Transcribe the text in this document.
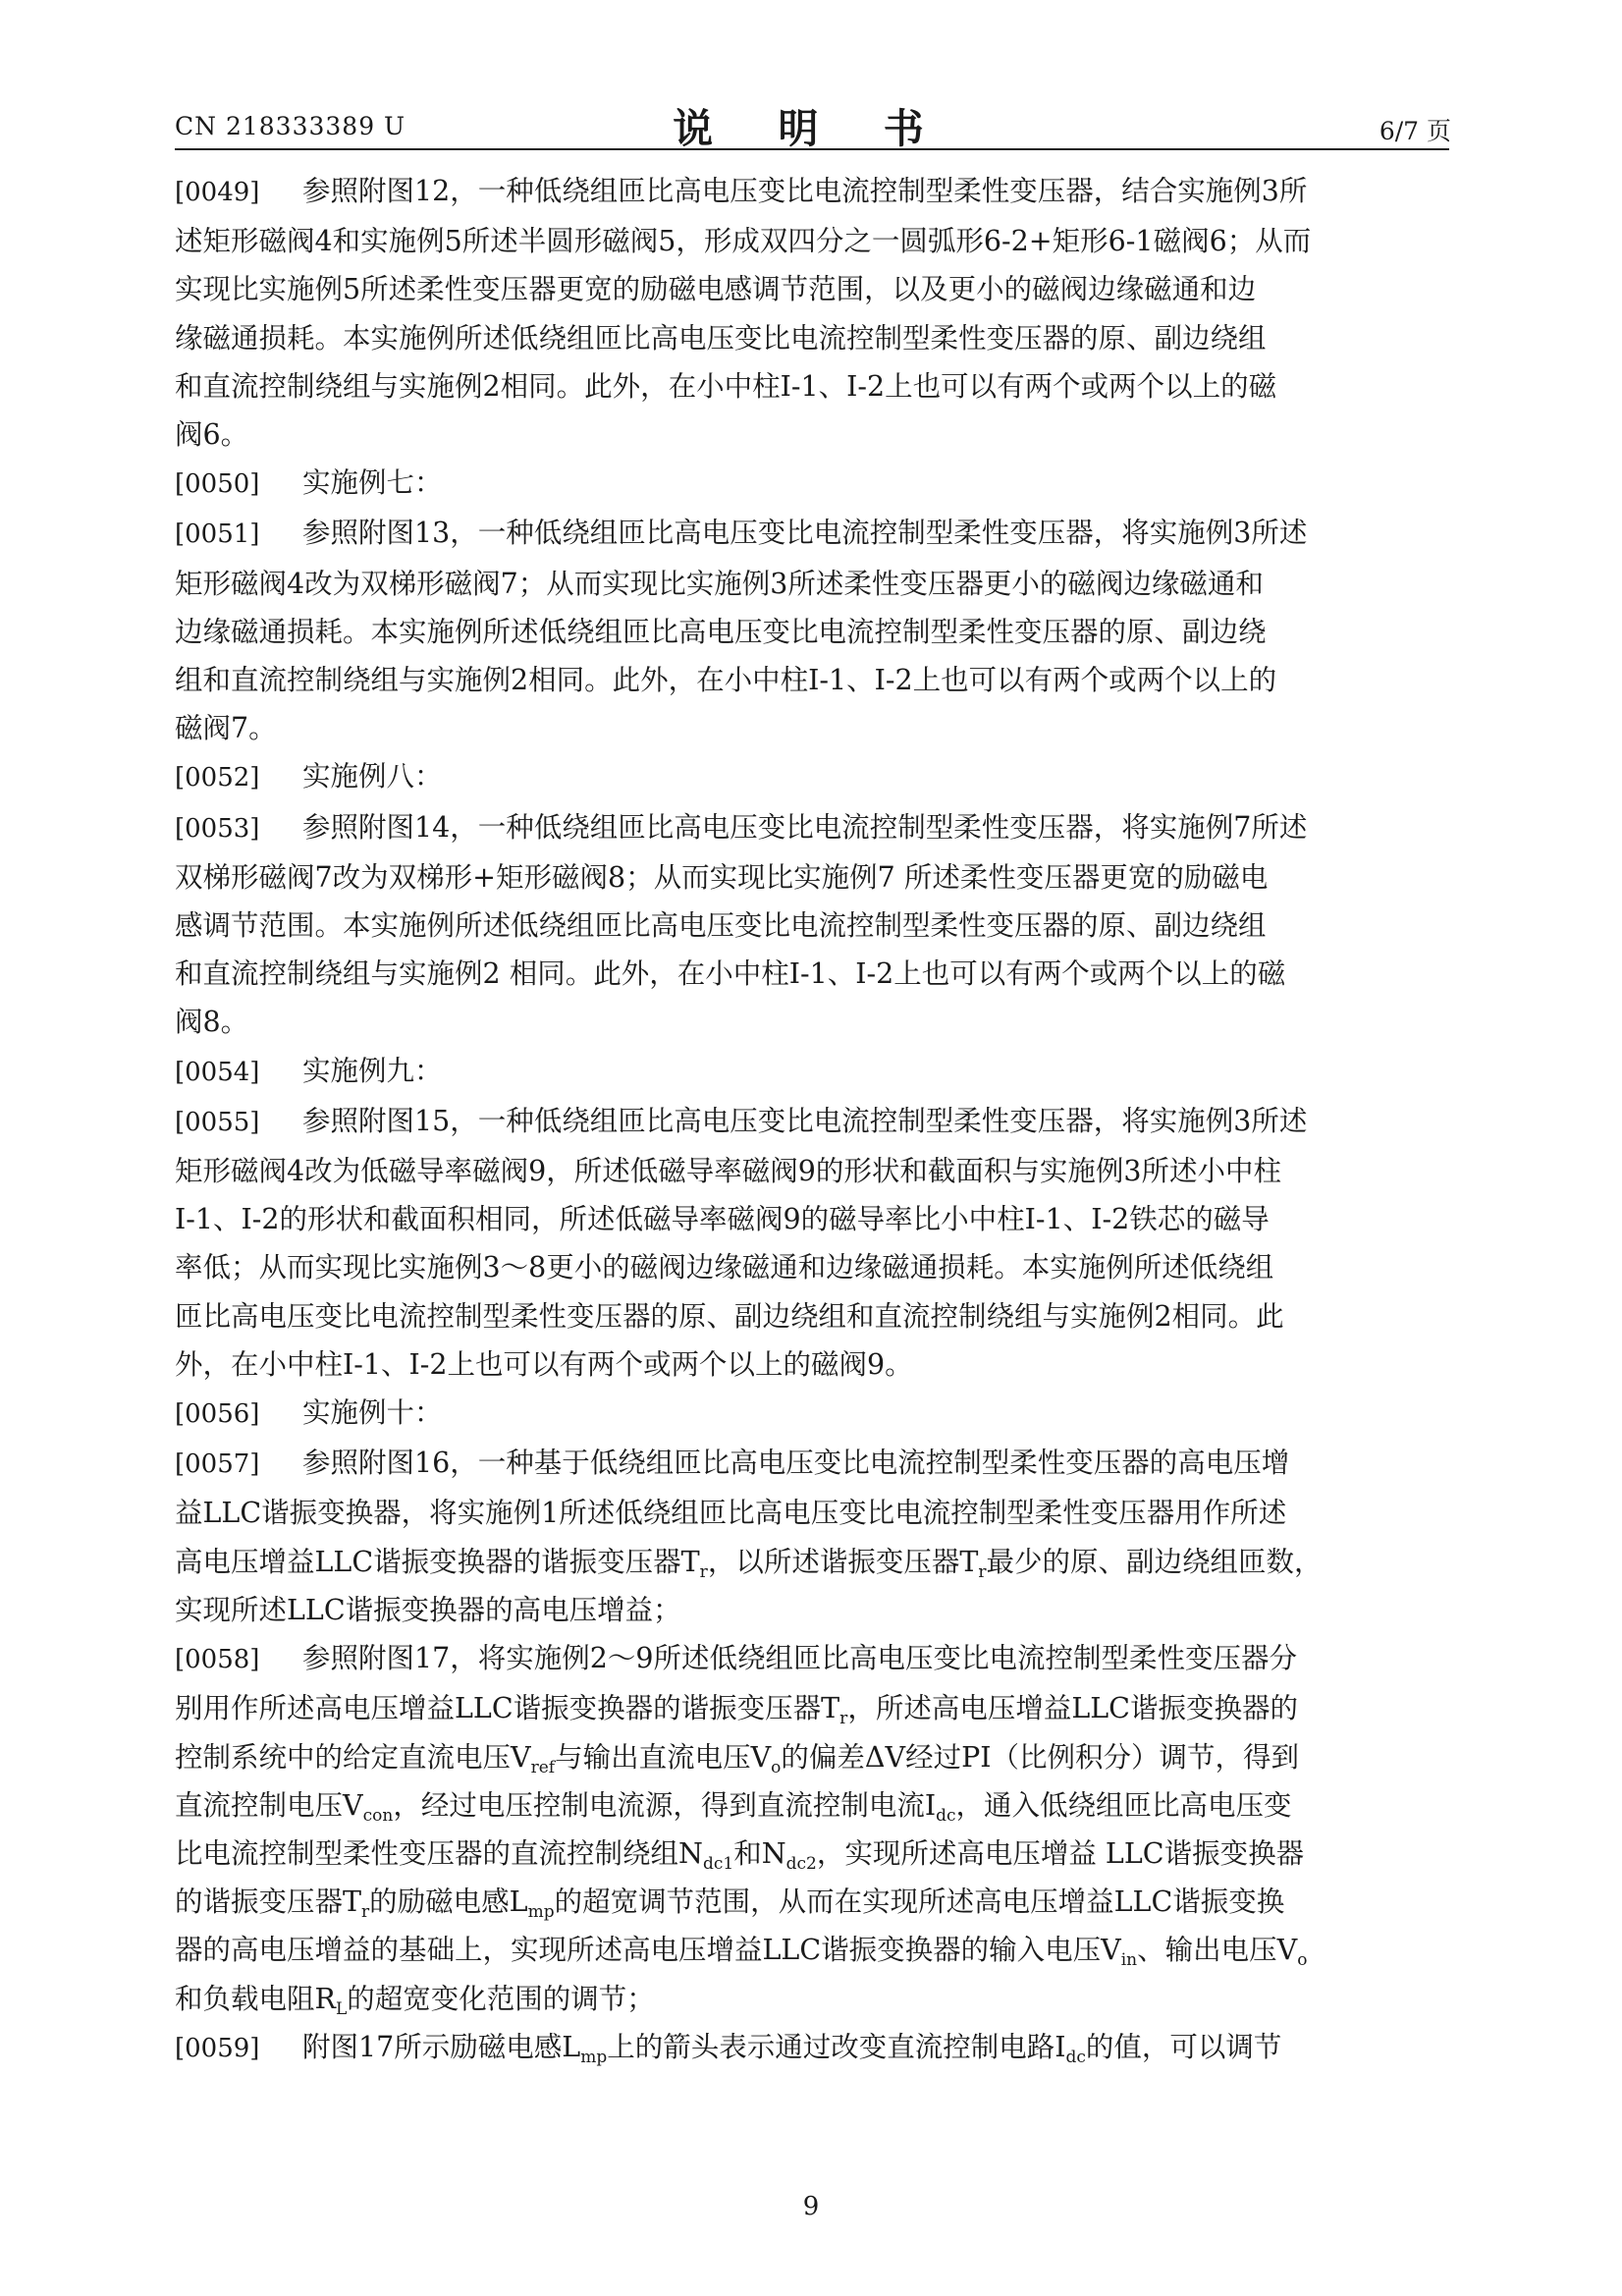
CN 218333389 U	说 明 书	6/7 页
[0049] 参照附图12，一种低绕组匝比高电压变比电流控制型柔性变压器，结合实施例3所
述矩形磁阀4和实施例5所述半圆形磁阀5，形成双四分之一圆弧形6-2+矩形6-1磁阀6；从而
实现比实施例5所述柔性变压器更宽的励磁电感调节范围，以及更小的磁阀边缘磁通和边
缘磁通损耗。本实施例所述低绕组匝比高电压变比电流控制型柔性变压器的原、副边绕组
和直流控制绕组与实施例2相同。此外，在小中柱I-1、I-2上也可以有两个或两个以上的磁
阀6。
[0050] 实施例七：
[0051] 参照附图13，一种低绕组匝比高电压变比电流控制型柔性变压器，将实施例3所述
矩形磁阀4改为双梯形磁阀7；从而实现比实施例3所述柔性变压器更小的磁阀边缘磁通和
边缘磁通损耗。本实施例所述低绕组匝比高电压变比电流控制型柔性变压器的原、副边绕
组和直流控制绕组与实施例2相同。此外，在小中柱I-1、I-2上也可以有两个或两个以上的
磁阀7。
[0052] 实施例八：
[0053] 参照附图14，一种低绕组匝比高电压变比电流控制型柔性变压器，将实施例7所述
双梯形磁阀7改为双梯形+矩形磁阀8；从而实现比实施例7 所述柔性变压器更宽的励磁电
感调节范围。本实施例所述低绕组匝比高电压变比电流控制型柔性变压器的原、副边绕组
和直流控制绕组与实施例2 相同。此外，在小中柱I-1、I-2上也可以有两个或两个以上的磁
阀8。
[0054] 实施例九：
[0055] 参照附图15，一种低绕组匝比高电压变比电流控制型柔性变压器，将实施例3所述
矩形磁阀4改为低磁导率磁阀9，所述低磁导率磁阀9的形状和截面积与实施例3所述小中柱
I-1、I-2的形状和截面积相同，所述低磁导率磁阀9的磁导率比小中柱I-1、I-2铁芯的磁导
率低；从而实现比实施例3～8更小的磁阀边缘磁通和边缘磁通损耗。本实施例所述低绕组
匝比高电压变比电流控制型柔性变压器的原、副边绕组和直流控制绕组与实施例2相同。此
外，在小中柱I-1、I-2上也可以有两个或两个以上的磁阀9。
[0056] 实施例十：
[0057] 参照附图16，一种基于低绕组匝比高电压变比电流控制型柔性变压器的高电压增
益LLC谐振变换器，将实施例1所述低绕组匝比高电压变比电流控制型柔性变压器用作所述
高电压增益LLC谐振变换器的谐振变压器$T_r$，以所述谐振变压器$T_r$最少的原、副边绕组匝数，
实现所述LLC谐振变换器的高电压增益；
[0058] 参照附图17，将实施例2～9所述低绕组匝比高电压变比电流控制型柔性变压器分
别用作所述高电压增益LLC谐振变换器的谐振变压器$T_r$，所述高电压增益LLC谐振变换器的
控制系统中的给定直流电压$V_{ref}$与输出直流电压$V_o$的偏差ΔV经过PI（比例积分）调节，得到
直流控制电压$V_{con}$，经过电压控制电流源，得到直流控制电流$I_{dc}$，通入低绕组匝比高电压变
比电流控制型柔性变压器的直流控制绕组$N_{dc1}$和$N_{dc2}$，实现所述高电压增益 LLC谐振变换器
的谐振变压器$T_r$的励磁电感$L_{mp}$的超宽调节范围，从而在实现所述高电压增益LLC谐振变换
器的高电压增益的基础上，实现所述高电压增益LLC谐振变换器的输入电压$V_{in}$、输出电压$V_o$
和负载电阻$R_L$的超宽变化范围的调节；
[0059] 附图17所示励磁电感$L_{mp}$上的箭头表示通过改变直流控制电路$I_{dc}$的值，可以调节
9
